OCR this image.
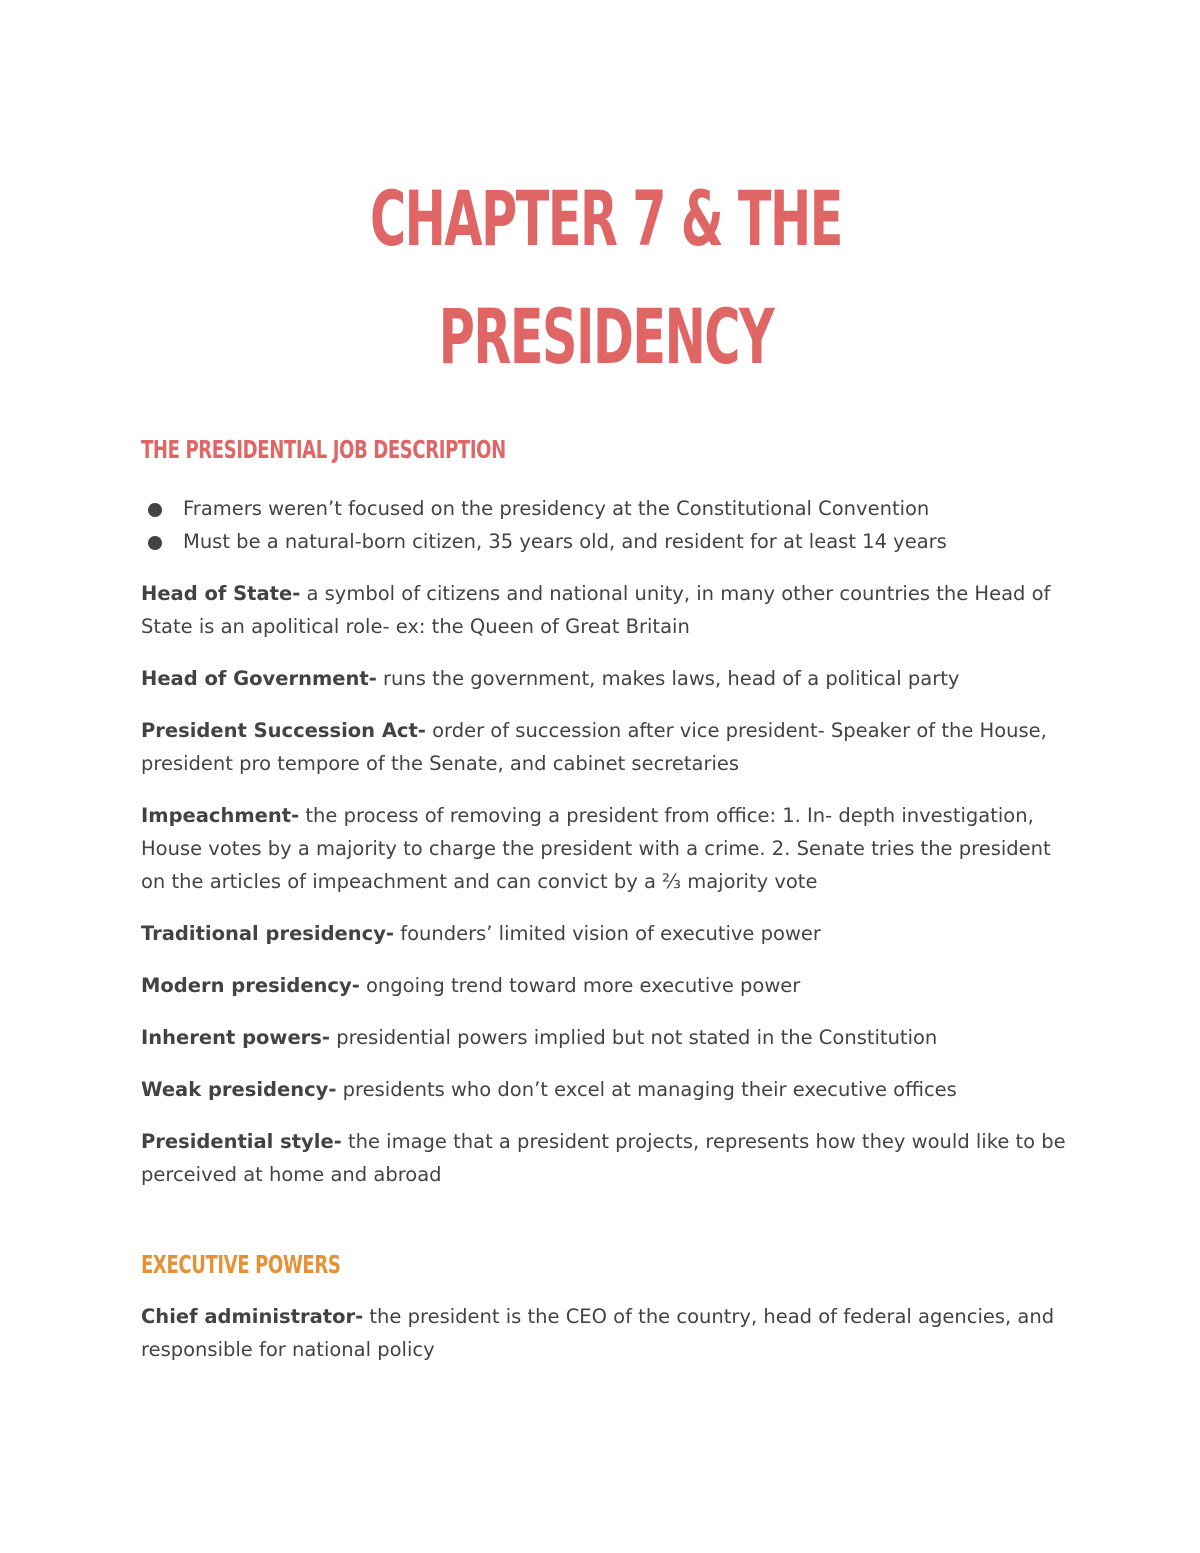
CHAPTER 7 & THE
PRESIDENCY
THE PRESIDENTIAL JOB DESCRIPTION
Framers weren’t focused on the presidency at the Constitutional Convention
Must be a natural-born citizen, 35 years old, and resident for at least 14 years

Head of State- a symbol of citizens and national unity, in many other countries the Head of State is an apolitical role- ex: the Queen of Great Britain

Head of Government- runs the government, makes laws, head of a political party

President Succession Act- order of succession after vice president- Speaker of the House, president pro tempore of the Senate, and cabinet secretaries

Impeachment- the process of removing a president from office: 1. In- depth investigation, House votes by a majority to charge the president with a crime. 2. Senate tries the president on the articles of impeachment and can convict by a ⅔ majority vote

Traditional presidency- founders’ limited vision of executive power

Modern presidency- ongoing trend toward more executive power

Inherent powers- presidential powers implied but not stated in the Constitution

Weak presidency- presidents who don’t excel at managing their executive offices

Presidential style- the image that a president projects, represents how they would like to be perceived at home and abroad

EXECUTIVE POWERS

Chief administrator- the president is the CEO of the country, head of federal agencies, and responsible for national policy
